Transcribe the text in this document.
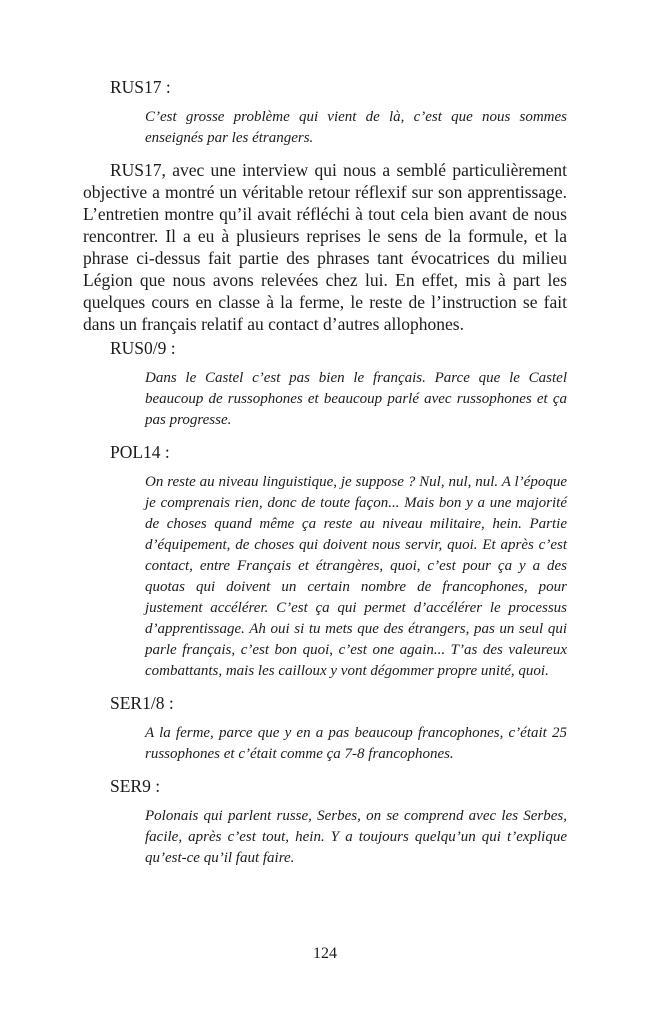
RUS17 :
C’est grosse problème qui vient de là, c’est que nous sommes enseignés par les étrangers.
RUS17, avec une interview qui nous a semblé particulièrement objective a montré un véritable retour réflexif sur son apprentissage. L’entretien montre qu’il avait réfléchi à tout cela bien avant de nous rencontrer. Il a eu à plusieurs reprises le sens de la formule, et la phrase ci-dessus fait partie des phrases tant évocatrices du milieu Légion que nous avons relevées chez lui. En effet, mis à part les quelques cours en classe à la ferme, le reste de l’instruction se fait dans un français relatif au contact d’autres allophones.
RUS0/9 :
Dans le Castel c’est pas bien le français. Parce que le Castel beaucoup de russophones et beaucoup parlé avec russophones et ça pas progresse.
POL14 :
On reste au niveau linguistique, je suppose ? Nul, nul, nul. A l’époque je comprenais rien, donc de toute façon... Mais bon y a une majorité de choses quand même ça reste au niveau militaire, hein. Partie d’équipement, de choses qui doivent nous servir, quoi. Et après c’est contact, entre Français et étrangères, quoi, c’est pour ça y a des quotas qui doivent un certain nombre de francophones, pour justement accélérer. C’est ça qui permet d’accélérer le processus d’apprentissage. Ah oui si tu mets que des étrangers, pas un seul qui parle français, c’est bon quoi, c’est one again... T’as des valeureux combattants, mais les cailloux y vont dégommer propre unité, quoi.
SER1/8 :
A la ferme, parce que y en a pas beaucoup francophones, c’était 25 russophones et c’était comme ça 7-8 francophones.
SER9 :
Polonais qui parlent russe, Serbes, on se comprend avec les Serbes, facile, après c’est tout, hein. Y a toujours quelqu’un qui t’explique qu’est-ce qu’il faut faire.
124
